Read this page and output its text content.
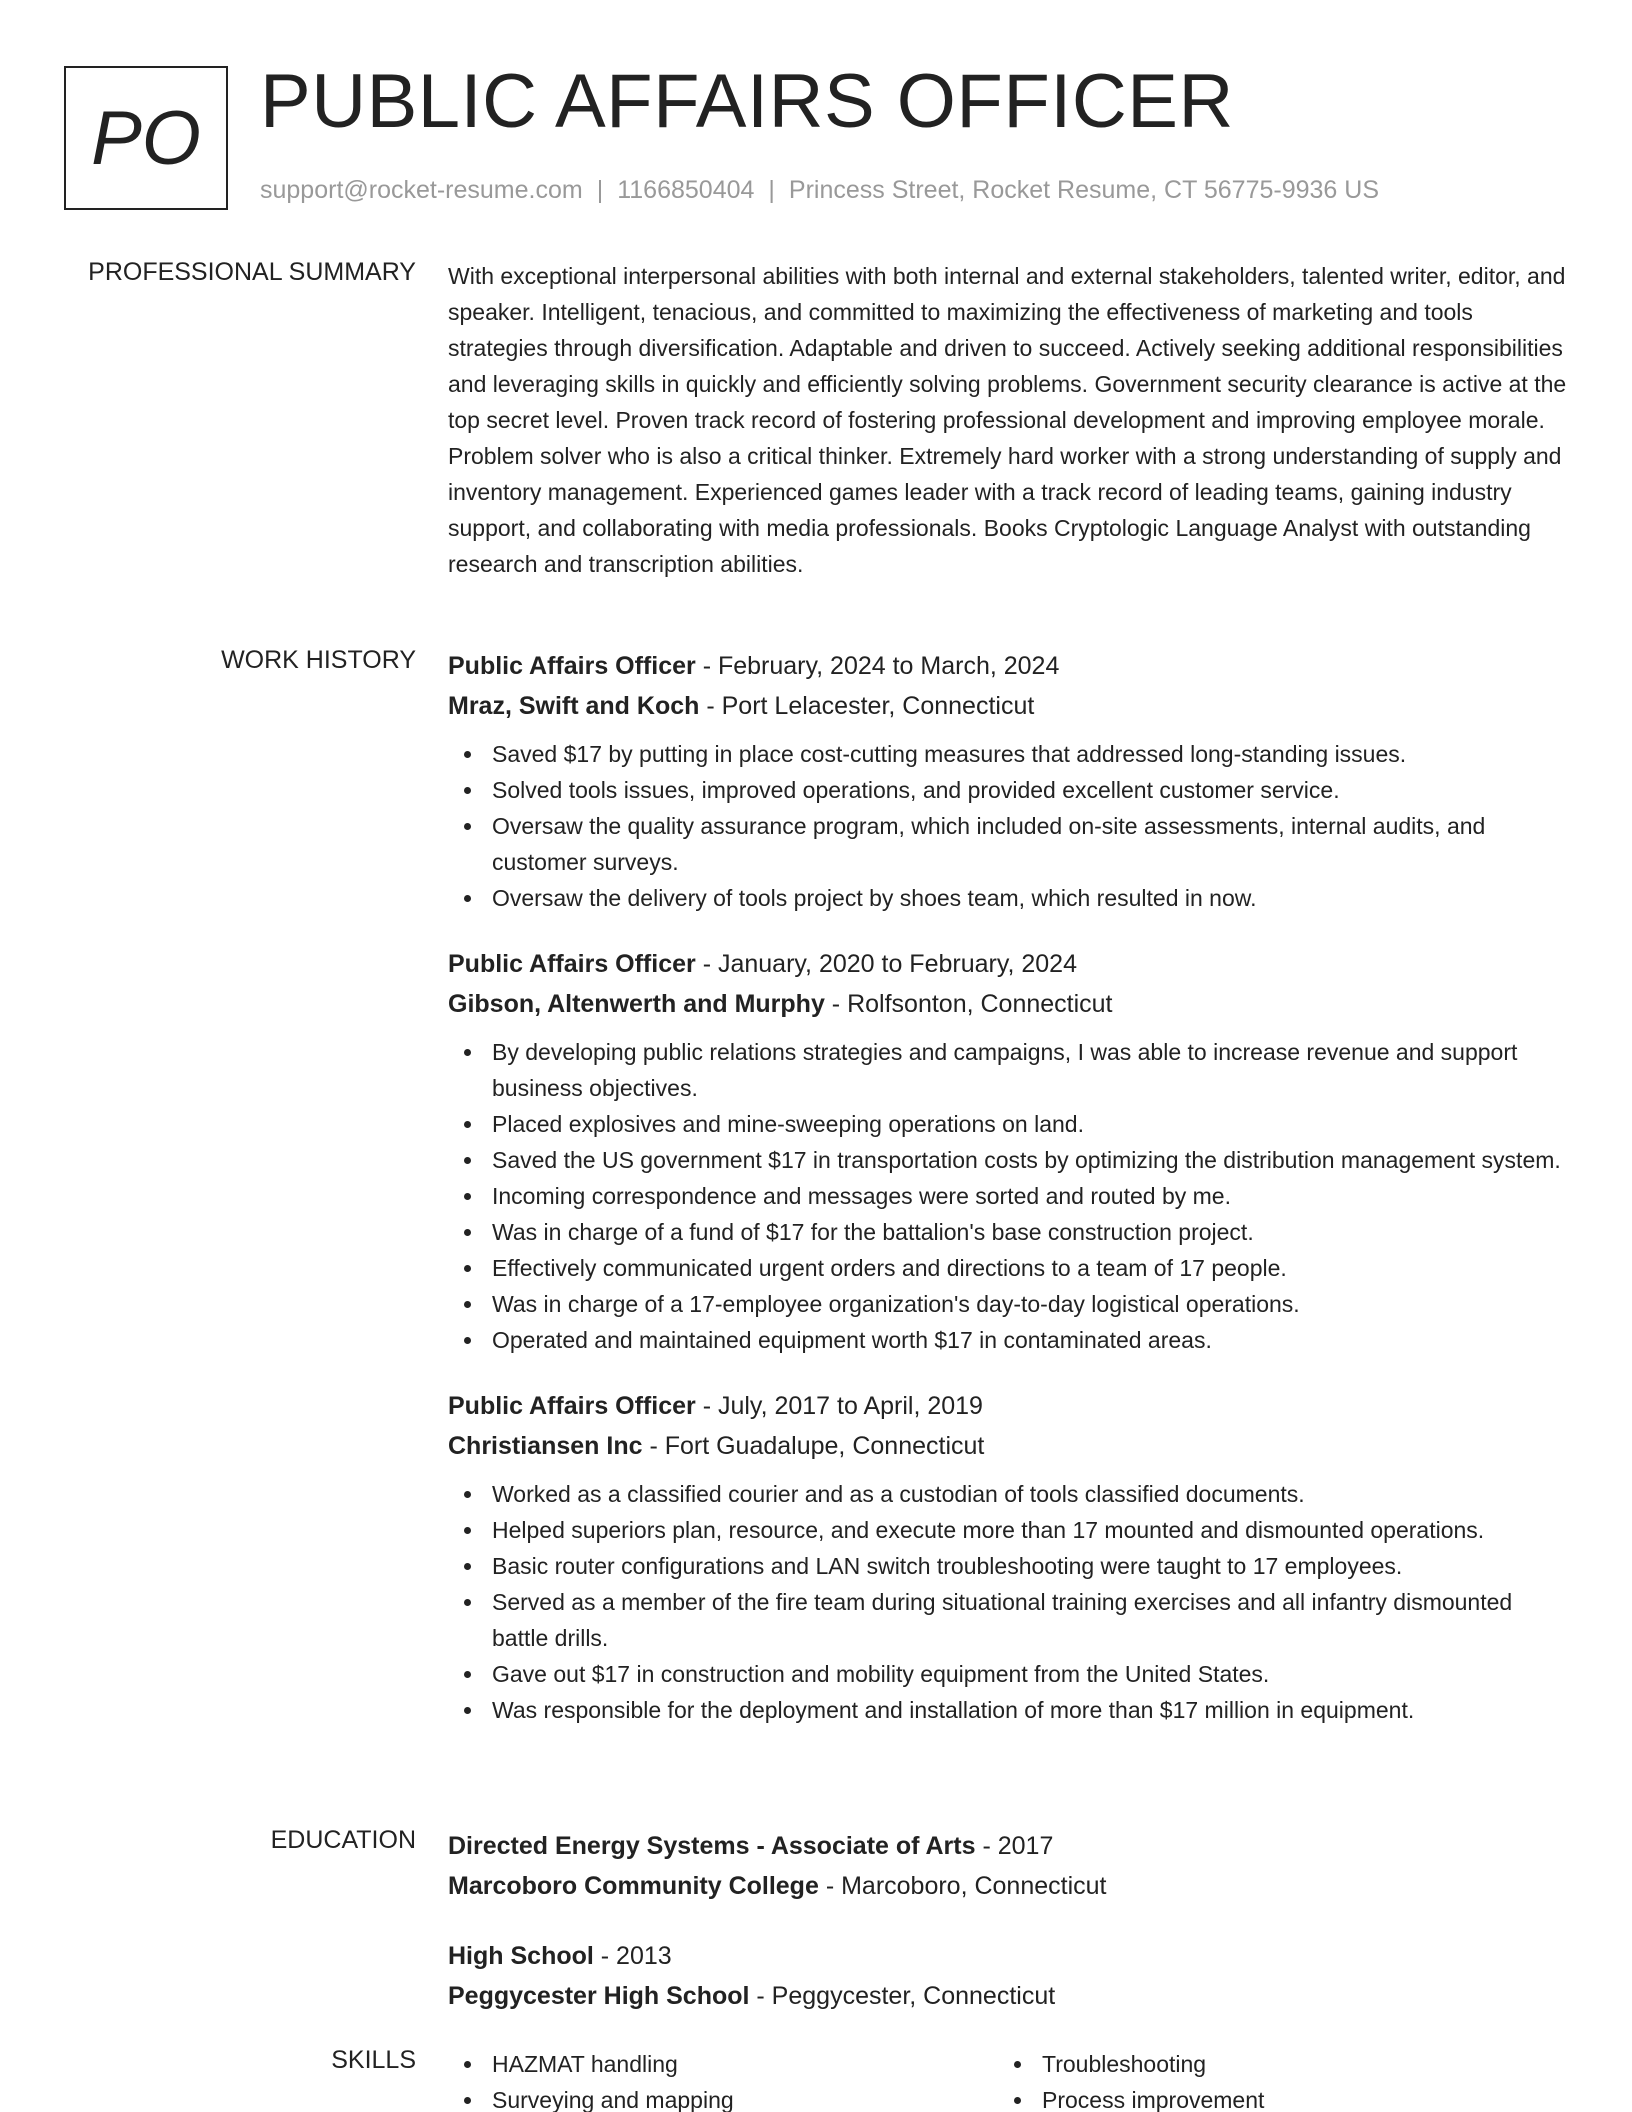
PO PUBLIC AFFAIRS OFFICER
support@rocket-resume.com | 1166850404 | Princess Street, Rocket Resume, CT 56775-9936 US
PROFESSIONAL SUMMARY With exceptional interpersonal abilities with both internal and external stakeholders, talented writer, editor, and speaker. Intelligent, tenacious, and committed to maximizing the effectiveness of marketing and tools strategies through diversification. Adaptable and driven to succeed. Actively seeking additional responsibilities and leveraging skills in quickly and efficiently solving problems. Government security clearance is active at the top secret level. Proven track record of fostering professional development and improving employee morale. Problem solver who is also a critical thinker. Extremely hard worker with a strong understanding of supply and inventory management. Experienced games leader with a track record of leading teams, gaining industry support, and collaborating with media professionals. Books Cryptologic Language Analyst with outstanding research and transcription abilities.

WORK HISTORY Public Affairs Officer - February, 2024 to March, 2024
Mraz, Swift and Koch - Port Lelacester, Connecticut
Saved $17 by putting in place cost-cutting measures that addressed long-standing issues.
Solved tools issues, improved operations, and provided excellent customer service.
Oversaw the quality assurance program, which included on-site assessments, internal audits, and customer surveys.
Oversaw the delivery of tools project by shoes team, which resulted in now.
Public Affairs Officer - January, 2020 to February, 2024
Gibson, Altenwerth and Murphy - Rolfsonton, Connecticut
By developing public relations strategies and campaigns, I was able to increase revenue and support business objectives.
Placed explosives and mine-sweeping operations on land.
Saved the US government $17 in transportation costs by optimizing the distribution management system.
Incoming correspondence and messages were sorted and routed by me.
Was in charge of a fund of $17 for the battalion's base construction project.
Effectively communicated urgent orders and directions to a team of 17 people.
Was in charge of a 17-employee organization's day-to-day logistical operations.
Operated and maintained equipment worth $17 in contaminated areas.
Public Affairs Officer - July, 2017 to April, 2019
Christiansen Inc - Fort Guadalupe, Connecticut
Worked as a classified courier and as a custodian of tools classified documents.
Helped superiors plan, resource, and execute more than 17 mounted and dismounted operations.
Basic router configurations and LAN switch troubleshooting were taught to 17 employees.
Served as a member of the fire team during situational training exercises and all infantry dismounted battle drills.
Gave out $17 in construction and mobility equipment from the United States.
Was responsible for the deployment and installation of more than $17 million in equipment.
EDUCATION Directed Energy Systems - Associate of Arts - 2017
Marcoboro Community College - Marcoboro, Connecticut
High School - 2013
Peggycester High School - Peggycester, Connecticut
SKILLS	HAZMAT handling
Surveying and mapping
Troubleshooting
Process improvement
